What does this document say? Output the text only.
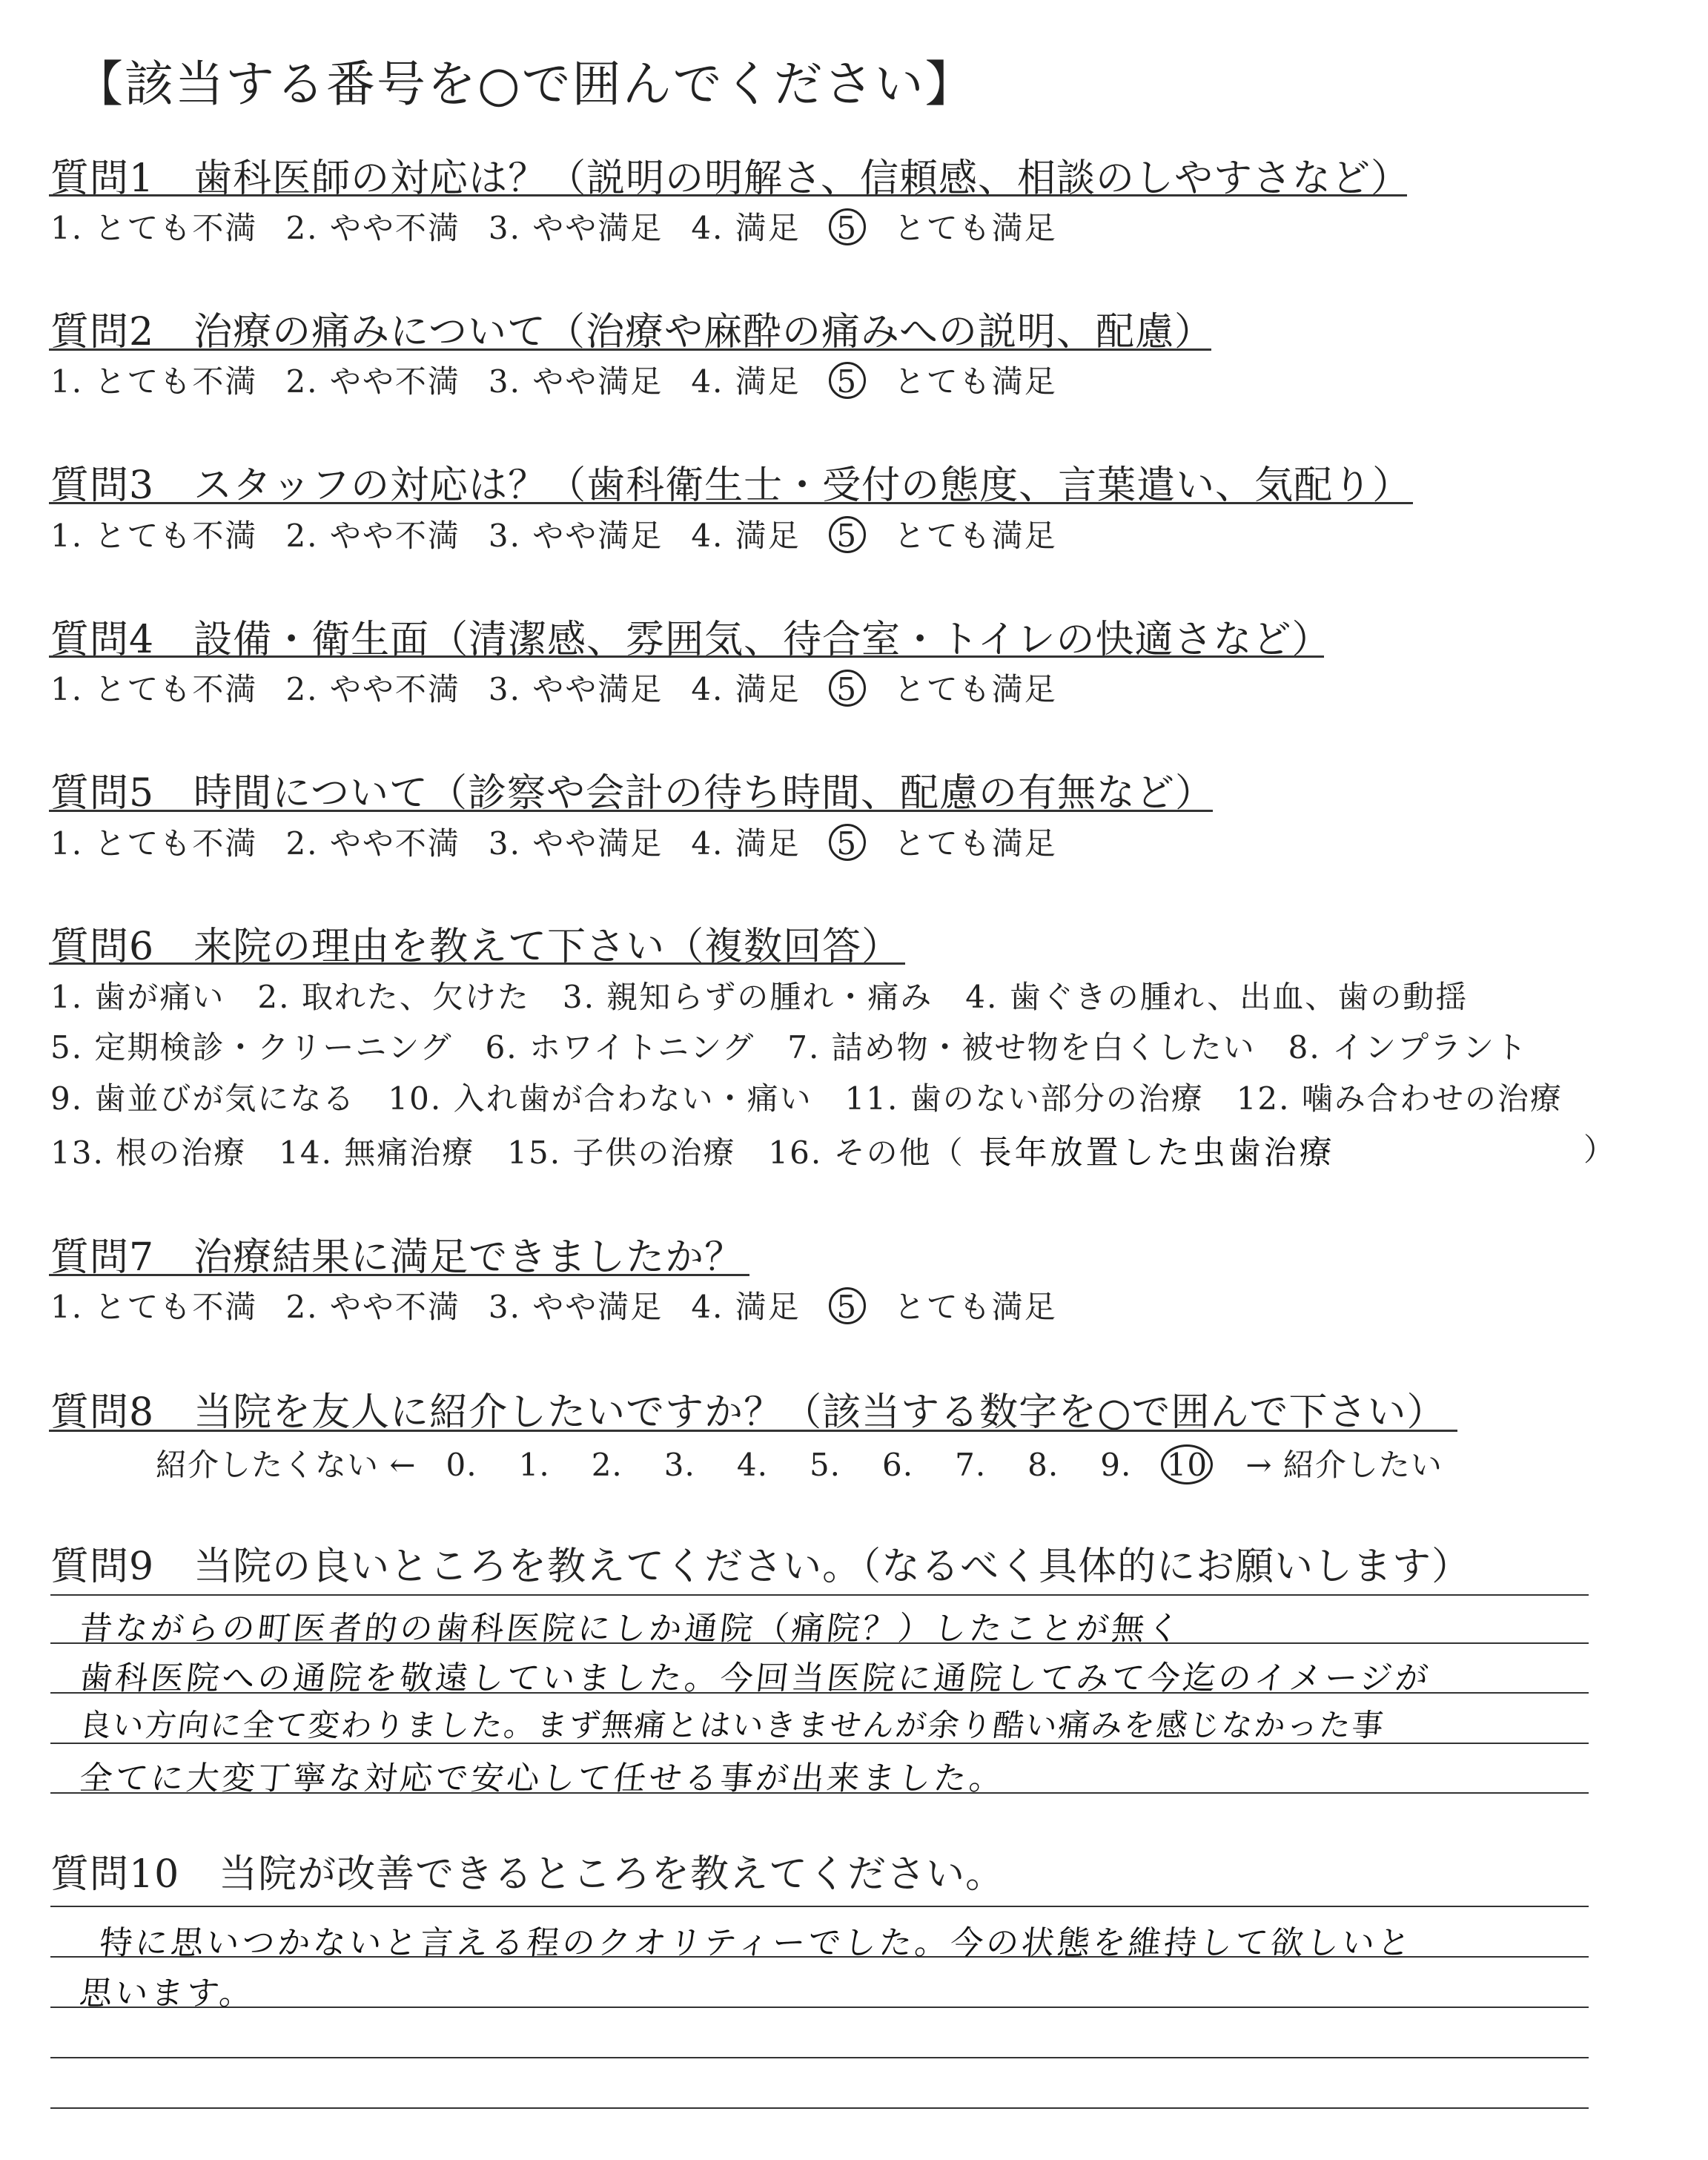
【該当する番号を○で囲んでください】
質問1　歯科医師の対応は？（説明の明解さ、信頼感、相談のしやすさなど）
1. とても不満 2. やや不満 3. やや満足 4. 満足 5 とても満足
質問2　治療の痛みについて（治療や麻酔の痛みへの説明、配慮）
1. とても不満 2. やや不満 3. やや満足 4. 満足 5 とても満足
質問3　スタッフの対応は？（歯科衛生士・受付の態度、言葉遣い、気配り）
1. とても不満 2. やや不満 3. やや満足 4. 満足 5 とても満足
質問4　設備・衛生面（清潔感、雰囲気、待合室・トイレの快適さなど）
1. とても不満 2. やや不満 3. やや満足 4. 満足 5 とても満足
質問5　時間について（診察や会計の待ち時間、配慮の有無など）
1. とても不満 2. やや不満 3. やや満足 4. 満足 5 とても満足
質問6　来院の理由を教えて下さい（複数回答）
1. 歯が痛い　2. 取れた、欠けた　3. 親知らずの腫れ・痛み　4. 歯ぐきの腫れ、出血、歯の動揺
5. 定期検診・クリーニング　6. ホワイトニング　7. 詰め物・被せ物を白くしたい　8. インプラント
9. 歯並びが気になる　10. 入れ歯が合わない・痛い　11. 歯のない部分の治療　12. 噛み合わせの治療
13. 根の治療　14. 無痛治療　15. 子供の治療　16. その他（ 長年放置した虫歯治療	）
質問7　治療結果に満足できましたか？
1. とても不満 2. やや不満 3. やや満足 4. 満足 5 とても満足
質問8　当院を友人に紹介したいですか？（該当する数字を○で囲んで下さい）
紹介したくない ← 0. 1. 2. 3. 4. 5. 6. 7. 8. 9. 10 → 紹介したい
質問9　当院の良いところを教えてください。（なるべく具体的にお願いします）
昔ながらの町医者的の歯科医院にしか通院（痛院？）したことが無く
歯科医院への通院を敬遠していました。今回当医院に通院してみて今迄のイメージが
良い方向に全て変わりました。まず無痛とはいきませんが余り酷い痛みを感じなかった事
全てに大変丁寧な対応で安心して任せる事が出来ました。
質問10　当院が改善できるところを教えてください。
特に思いつかないと言える程のクオリティーでした。今の状態を維持して欲しいと
思います。
